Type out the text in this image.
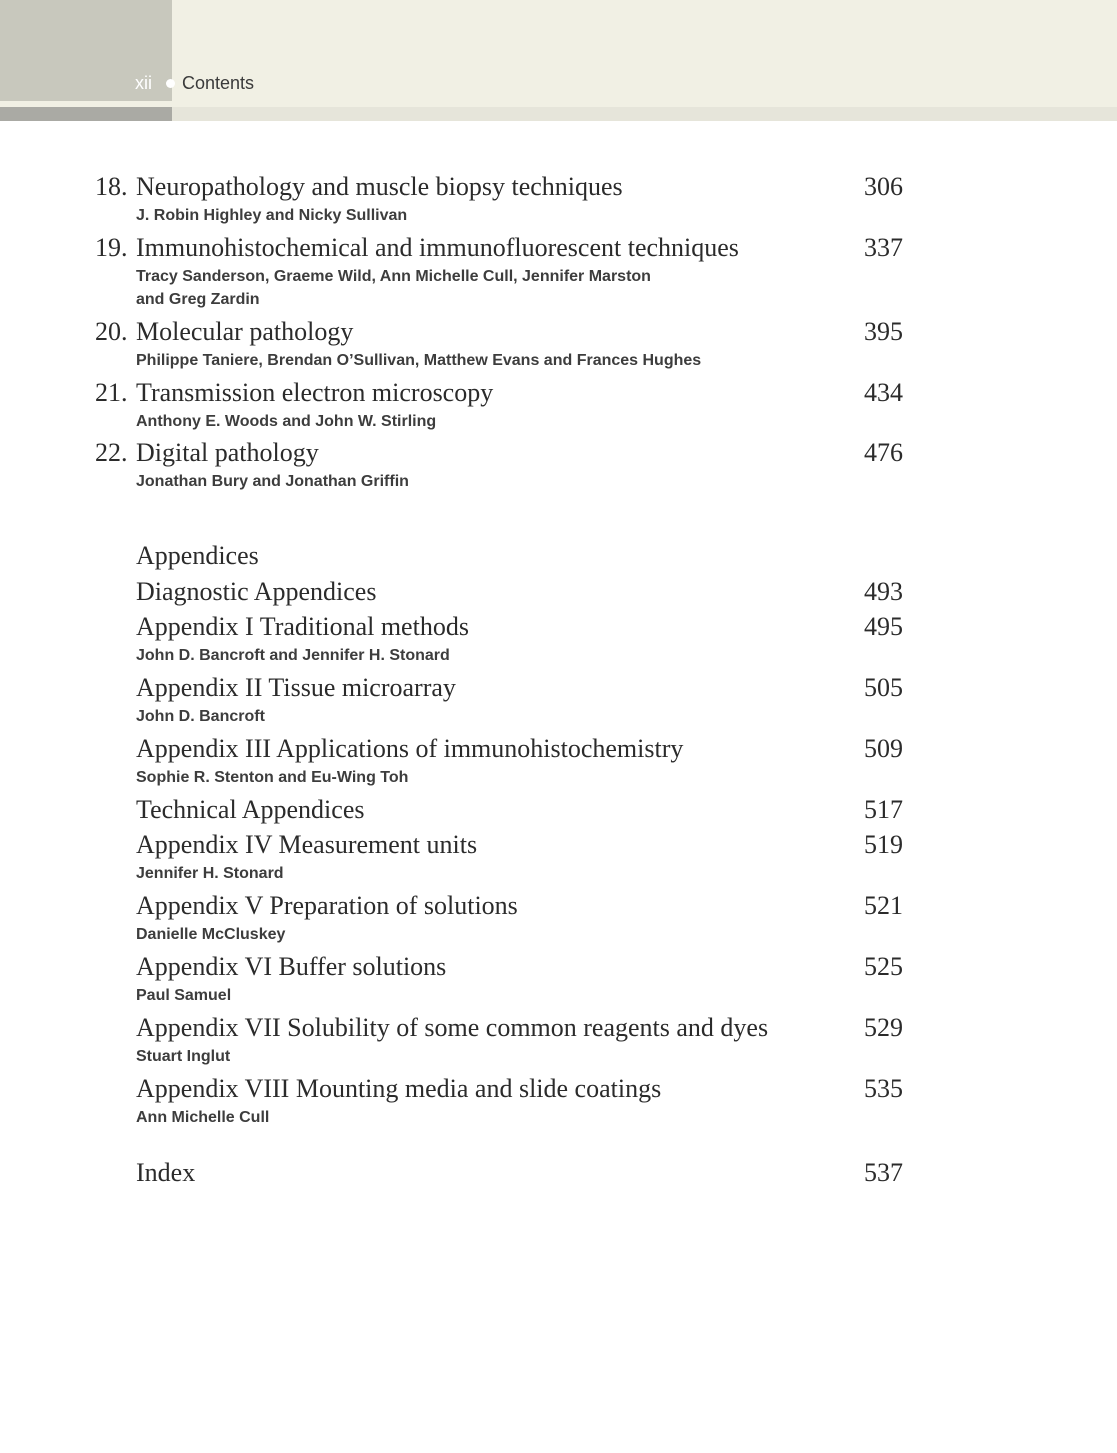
xii Contents
18. Neuropathology and muscle biopsy techniques	306
J. Robin Highley and Nicky Sullivan
19. Immunohistochemical and immunofluorescent techniques	337
Tracy Sanderson, Graeme Wild, Ann Michelle Cull, Jennifer Marston
and Greg Zardin
20. Molecular pathology	395
Philippe Taniere, Brendan O’Sullivan, Matthew Evans and Frances Hughes
21. Transmission electron microscopy	434
Anthony E. Woods and John W. Stirling
22. Digital pathology	476
Jonathan Bury and Jonathan Griffin
Appendices
Diagnostic Appendices	493
Appendix I Traditional methods	495
John D. Bancroft and Jennifer H. Stonard
Appendix II Tissue microarray	505
John D. Bancroft
Appendix III Applications of immunohistochemistry	509
Sophie R. Stenton and Eu-Wing Toh
Technical Appendices	517
Appendix IV Measurement units	519
Jennifer H. Stonard
Appendix V Preparation of solutions	521
Danielle McCluskey
Appendix VI Buffer solutions	525
Paul Samuel
Appendix VII Solubility of some common reagents and dyes	529
Stuart Inglut
Appendix VIII Mounting media and slide coatings	535
Ann Michelle Cull
Index	537
